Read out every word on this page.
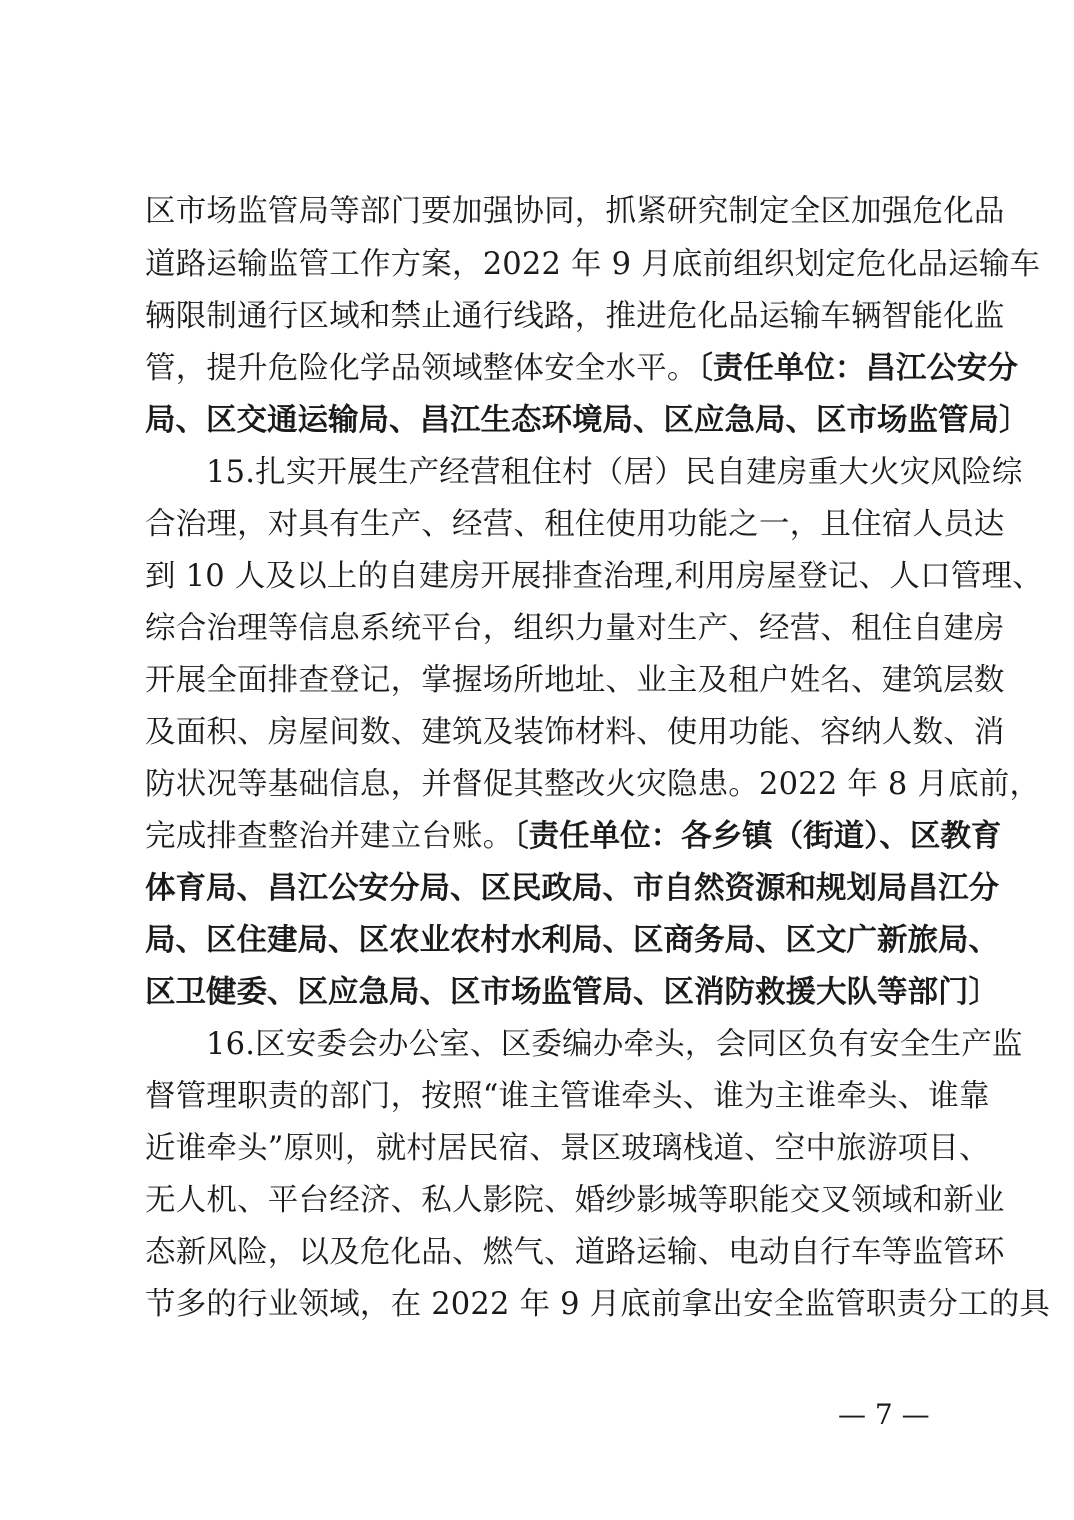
区市场监管局等部门要加强协同，抓紧研究制定全区加强危化品
道路运输监管工作方案，2022 年 9 月底前组织划定危化品运输车
辆限制通行区域和禁止通行线路，推进危化品运输车辆智能化监
管，提升危险化学品领域整体安全水平。〔责任单位：昌江公安分
局、区交通运输局、昌江生态环境局、区应急局、区市场监管局〕
15.扎实开展生产经营租住村（居）民自建房重大火灾风险综
合治理，对具有生产、经营、租住使用功能之一，且住宿人员达
到 10 人及以上的自建房开展排查治理,利用房屋登记、人口管理、
综合治理等信息系统平台，组织力量对生产、经营、租住自建房
开展全面排查登记，掌握场所地址、业主及租户姓名、建筑层数
及面积、房屋间数、建筑及装饰材料、使用功能、容纳人数、消
防状况等基础信息，并督促其整改火灾隐患。2022 年 8 月底前，
完成排查整治并建立台账。〔责任单位：各乡镇（街道）、区教育
体育局、昌江公安分局、区民政局、市自然资源和规划局昌江分
局、区住建局、区农业农村水利局、区商务局、区文广新旅局、
区卫健委、区应急局、区市场监管局、区消防救援大队等部门〕
16.区安委会办公室、区委编办牵头，会同区负有安全生产监
督管理职责的部门，按照“谁主管谁牵头、谁为主谁牵头、谁靠
近谁牵头”原则，就村居民宿、景区玻璃栈道、空中旅游项目、
无人机、平台经济、私人影院、婚纱影城等职能交叉领域和新业
态新风险，以及危化品、燃气、道路运输、电动自行车等监管环
节多的行业领域，在 2022 年 9 月底前拿出安全监管职责分工的具
— 7 —
